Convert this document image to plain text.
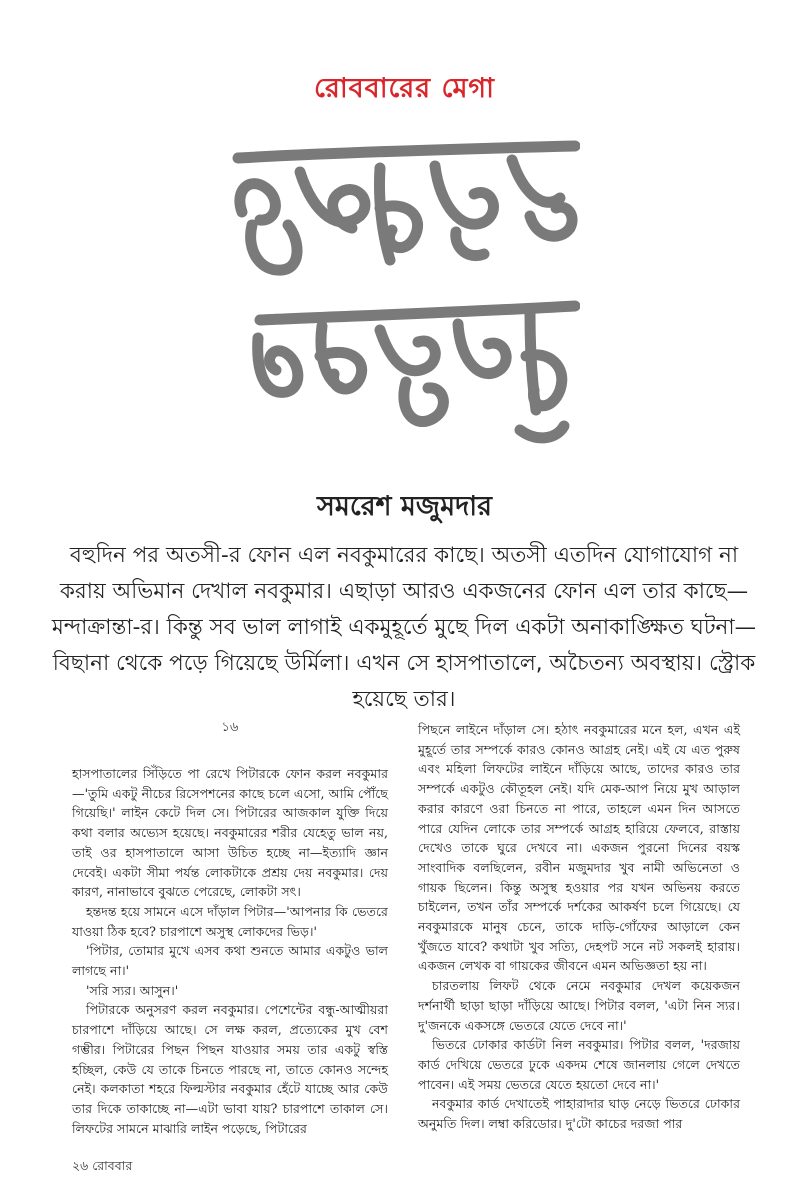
রোববারের মেগা
সমরেশ মজুমদার
বহুদিন পর অতসী-র ফোন এল নবকুমারের কাছে। অতসী এতদিন যোগাযোগ না করায় অভিমান দেখাল নবকুমার। এছাড়া আরও একজনের ফোন এল তার কাছে—মন্দাক্রান্তা-র। কিন্তু সব ভাল লাগাই একমুহূর্তে মুছে দিল একটা অনাকাঙ্ক্ষিত ঘটনা—বিছানা থেকে পড়ে গিয়েছে উর্মিলা। এখন সে হাসপাতালে, অচৈতন্য অবস্থায়। স্ট্রোক হয়েছে তার।
১৬

হাসপাতালের সিঁড়িতে পা রেখে পিটারকে ফোন করল নবকুমার—'তুমি একটু নীচের রিসেপশনের কাছে চলে এসো, আমি পৌঁছে গিয়েছি।' লাইন কেটে দিল সে। পিটারের আজকাল যুক্তি দিয়ে কথা বলার অভ্যেস হয়েছে। নবকুমারের শরীর যেহেতু ভাল নয়, তাই ওর হাসপাতালে আসা উচিত হচ্ছে না—ইত্যাদি জ্ঞান দেবেই। একটা সীমা পর্যন্ত লোকটাকে প্রশ্রয় দেয় নবকুমার। দেয় কারণ, নানাভাবে বুঝতে পেরেছে, লোকটা সৎ।

হন্তদন্ত হয়ে সামনে এসে দাঁড়াল পিটার—'আপনার কি ভেতরে যাওয়া ঠিক হবে? চারপাশে অসুস্থ লোকদের ভিড়।'

'পিটার, তোমার মুখে এসব কথা শুনতে আমার একটুও ভাল লাগছে না।'

'সরি স্যর। আসুন।'

পিটারকে অনুসরণ করল নবকুমার। পেশেন্টের বন্ধু-আত্মীয়রা চারপাশে দাঁড়িয়ে আছে। সে লক্ষ করল, প্রত্যেকের মুখ বেশ গম্ভীর। পিটারের পিছন পিছন যাওয়ার সময় তার একটু স্বস্তি হচ্ছিল, কেউ যে তাকে চিনতে পারছে না, তাতে কোনও সন্দেহ নেই। কলকাতা শহরে ফিল্মস্টার নবকুমার হেঁটে যাচ্ছে আর কেউ তার দিকে তাকাচ্ছে না—এটা ভাবা যায়? চারপাশে তাকাল সে। লিফটের সামনে মাঝারি লাইন পড়েছে, পিটারের

পিছনে লাইনে দাঁড়াল সে। হঠাৎ নবকুমারের মনে হল, এখন এই মুহূর্তে তার সম্পর্কে কারও কোনও আগ্রহ নেই। এই যে এত পুরুষ এবং মহিলা লিফটের লাইনে দাঁড়িয়ে আছে, তাদের কারও তার সম্পর্কে একটুও কৌতূহল নেই। যদি মেক-আপ নিয়ে মুখ আড়াল করার কারণে ওরা চিনতে না পারে, তাহলে এমন দিন আসতে পারে যেদিন লোকে তার সম্পর্কে আগ্রহ হারিয়ে ফেলবে, রাস্তায় দেখেও তাকে ঘুরে দেখবে না। একজন পুরনো দিনের বয়স্ক সাংবাদিক বলছিলেন, রবীন মজুমদার খুব নামী অভিনেতা ও গায়ক ছিলেন। কিন্তু অসুস্থ হওয়ার পর যখন অভিনয় করতে চাইলেন, তখন তাঁর সম্পর্কে দর্শকের আকর্ষণ চলে গিয়েছে। যে নবকুমারকে মানুষ চেনে, তাকে দাড়ি-গোঁফের আড়ালে কেন খুঁজতে যাবে? কথাটা খুব সত্যি, দেহপট সনে নট সকলই হারায়। একজন লেখক বা গায়কের জীবনে এমন অভিজ্ঞতা হয় না।

চারতলায় লিফট থেকে নেমে নবকুমার দেখল কয়েকজন দর্শনার্থী ছাড়া ছাড়া দাঁড়িয়ে আছে। পিটার বলল, 'এটা নিন স্যর। দু'জনকে একসঙ্গে ভেতরে যেতে দেবে না।'

ভিতরে ঢোকার কার্ডটা নিল নবকুমার। পিটার বলল, 'দরজায় কার্ড দেখিয়ে ভেতরে ঢুকে একদম শেষে জানলায় গেলে দেখতে পাবেন। এই সময় ভেতরে যেতে হয়তো দেবে না।'

নবকুমার কার্ড দেখাতেই পাহারাদার ঘাড় নেড়ে ভিতরে ঢোকার অনুমতি দিল। লম্বা করিডোর। দু'টো কাচের দরজা পার

২৬ রোববার
